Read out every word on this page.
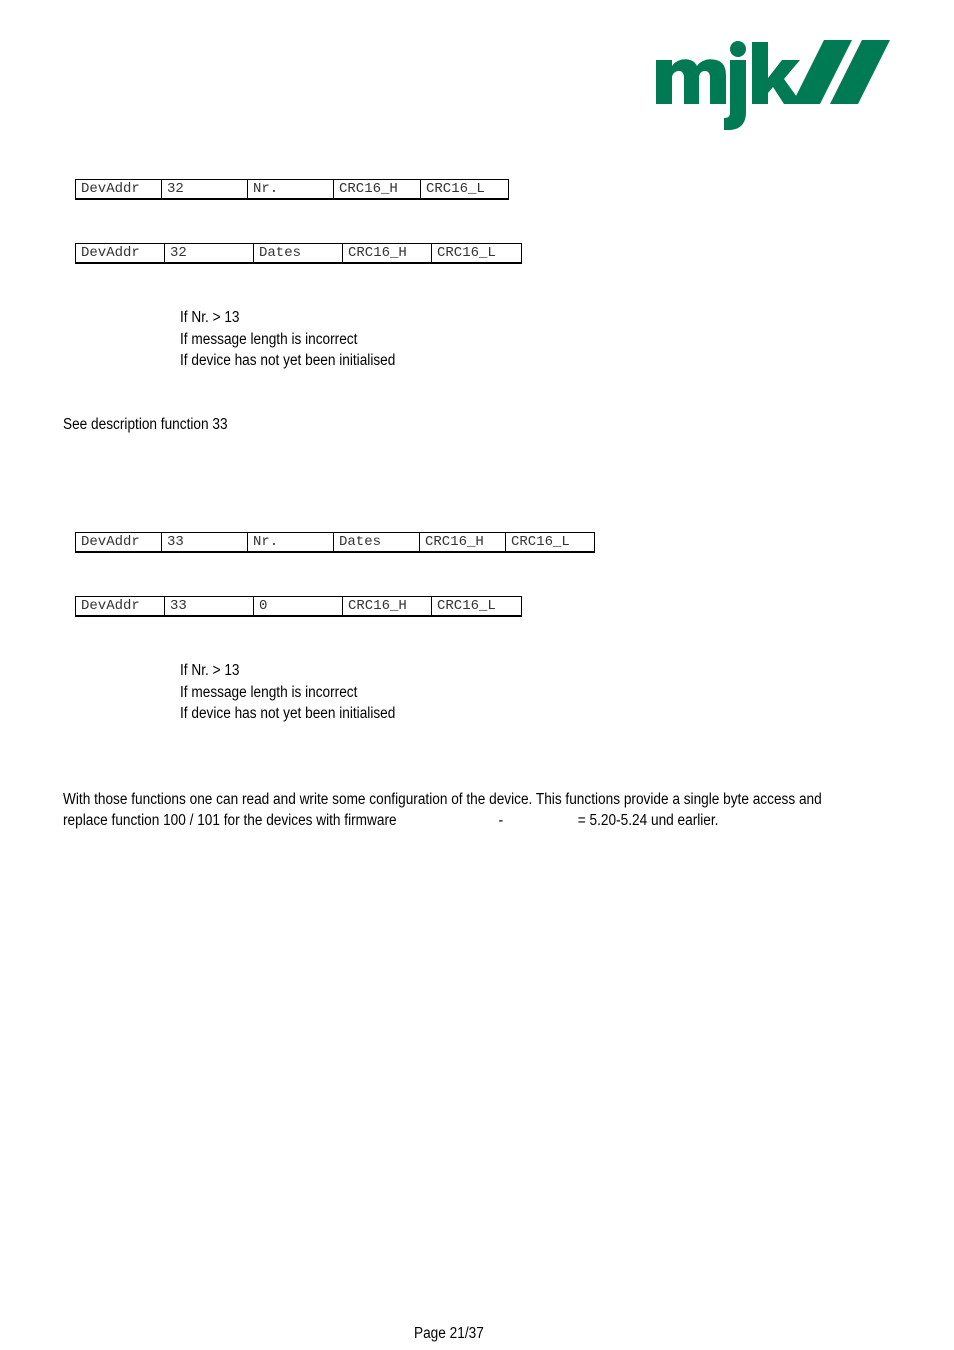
DevAddr	32	Nr.	CRC16_H	CRC16_L
DevAddr	32	Dates	CRC16_H	CRC16_L
If Nr. > 13
If message length is incorrect
If device has not yet been initialised
See description function 33
DevAddr	33	Nr.	Dates	CRC16_H	CRC16_L
DevAddr	33	0	CRC16_H	CRC16_L
If Nr. > 13
If message length is incorrect
If device has not yet been initialised
With those functions one can read and write some configuration of the device. This functions provide a single byte access and
replace function 100 / 101 for the devices with firmware	-	= 5.20-5.24 und earlier.
Page 21/37
